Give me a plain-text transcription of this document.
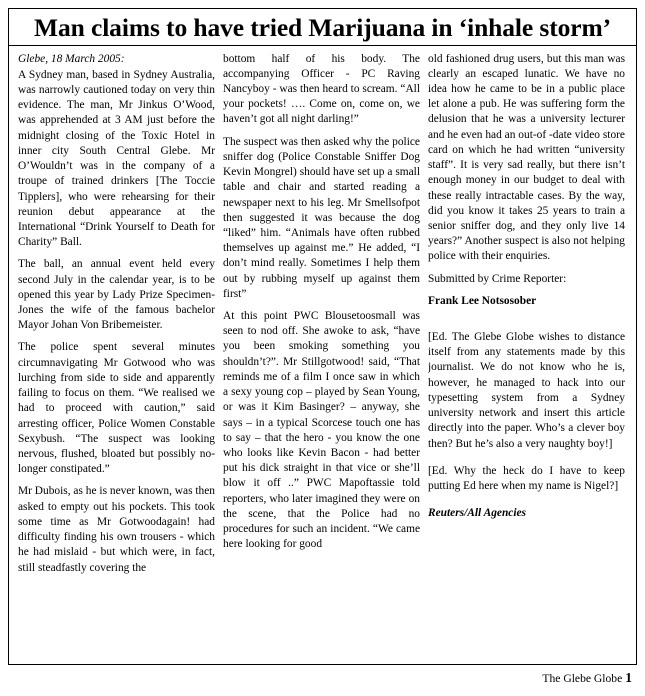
Man claims to have tried Marijuana in ‘inhale storm’

Glebe, 18 March 2005:

A Sydney man, based in Sydney Australia, was narrowly cautioned today on very thin evidence. The man, Mr Jinkus O’Wood, was apprehended at 3 AM just before the midnight closing of the Toxic Hotel in inner city South Central Glebe. Mr O’Wouldn’t was in the company of a troupe of trained drinkers [The Toccie Tipplers], who were rehearsing for their reunion debut appearance at the International “Drink Yourself to Death for Charity” Ball.

The ball, an annual event held every second July in the calendar year, is to be opened this year by Lady Prize Specimen-Jones the wife of the famous bachelor Mayor Johan Von Bribemeister.

The police spent several minutes circumnavigating Mr Gotwood who was lurching from side to side and apparently failing to focus on them. “We realised we had to proceed with caution,” said arresting officer, Police Women Constable Sexybush. “The suspect was looking nervous, flushed, bloated but possibly no-longer constipated.”

Mr Dubois, as he is never known, was then asked to empty out his pockets. This took some time as Mr Gotwoodagain! had difficulty finding his own trousers - which he had mislaid - but which were, in fact, still steadfastly covering the

bottom half of his body. The accompanying Officer - PC Raving Nancyboy - was then heard to scream. “All your pockets! …. Come on, come on, we haven’t got all night darling!”

The suspect was then asked why the police sniffer dog (Police Constable Sniffer Dog Kevin Mongrel) should have set up a small table and chair and started reading a newspaper next to his leg. Mr Smellsofpot then suggested it was because the dog “liked” him. “Animals have often rubbed themselves up against me.” He added, “I don’t mind really. Sometimes I help them out by rubbing myself up against them first”

At this point PWC Blousetoosmall was seen to nod off. She awoke to ask, “have you been smoking something you shouldn’t?”. Mr Stillgotwood! said, “That reminds me of a film I once saw in which a sexy young cop – played by Sean Young, or was it Kim Basinger? – anyway, she says – in a typical Scorcese touch one has to say – that the hero - you know the one who looks like Kevin Bacon - had better put his dick straight in that vice or she’ll blow it off ..” PWC Mapoftassie told reporters, who later imagined they were on the scene, that the Police had no procedures for such an incident. “We came here looking for good

old fashioned drug users, but this man was clearly an escaped lunatic. We have no idea how he came to be in a public place let alone a pub. He was suffering form the delusion that he was a university lecturer and he even had an out-of -date video store card on which he had written “university staff”. It is very sad really, but there isn’t enough money in our budget to deal with these really intractable cases. By the way, did you know it takes 25 years to train a senior sniffer dog, and they only live 14 years?” Another suspect is also not helping police with their enquiries.

Submitted by Crime Reporter:

Frank Lee Notsosober

[Ed. The Glebe Globe wishes to distance itself from any statements made by this journalist. We do not know who he is, however, he managed to hack into our typesetting system from a Sydney university network and insert this article directly into the paper. Who’s a clever boy then? But he’s also a very naughty boy!]

[Ed. Why the heck do I have to keep putting Ed here when my name is Nigel?]

Reuters/All Agencies

The Glebe Globe 1
